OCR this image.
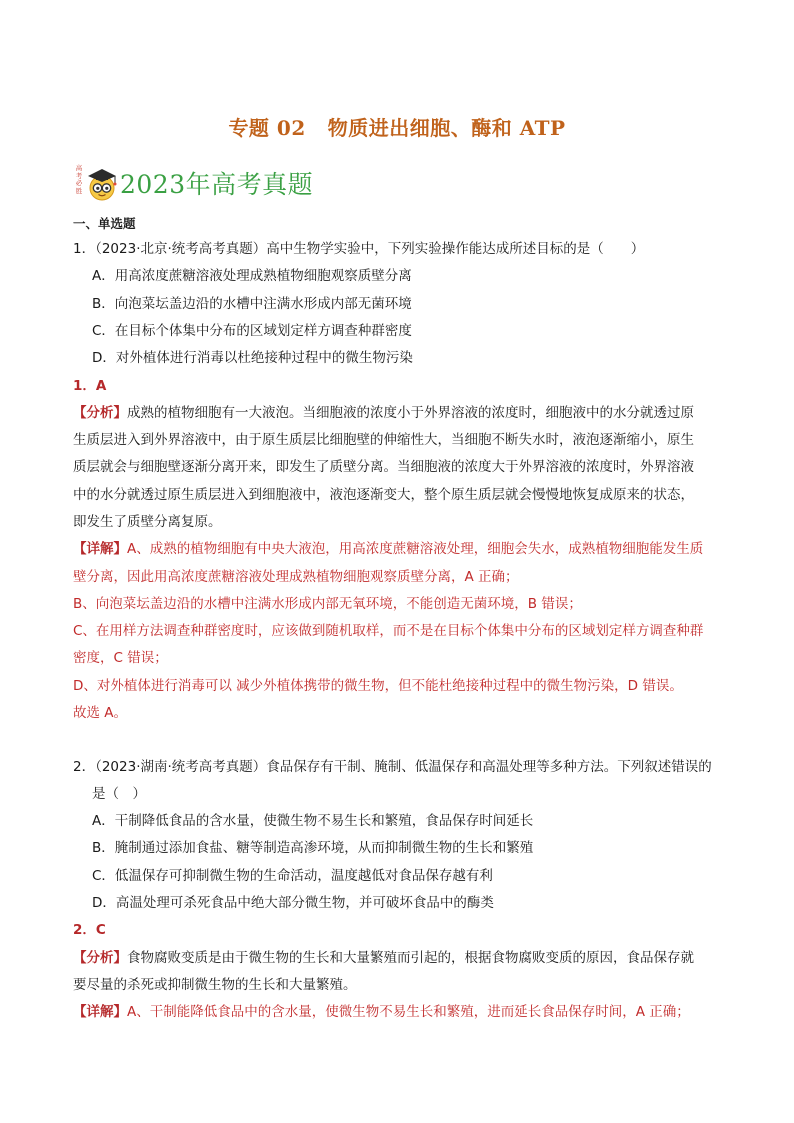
专题 02 物质进出细胞、酶和 ATP
高考必胜 2023年高考真题
一、单选题
1．（2023·北京·统考高考真题）高中生物学实验中，下列实验操作能达成所述目标的是（　　）
A．用高浓度蔗糖溶液处理成熟植物细胞观察质壁分离
B．向泡菜坛盖边沿的水槽中注满水形成内部无菌环境
C．在目标个体集中分布的区域划定样方调查种群密度
D．对外植体进行消毒以杜绝接种过程中的微生物污染
1．A
【分析】成熟的植物细胞有一大液泡。当细胞液的浓度小于外界溶液的浓度时，细胞液中的水分就透过原
生质层进入到外界溶液中，由于原生质层比细胞壁的伸缩性大，当细胞不断失水时，液泡逐渐缩小，原生
质层就会与细胞壁逐渐分离开来，即发生了质壁分离。当细胞液的浓度大于外界溶液的浓度时，外界溶液
中的水分就透过原生质层进入到细胞液中，液泡逐渐变大，整个原生质层就会慢慢地恢复成原来的状态，
即发生了质壁分离复原。
【详解】A、成熟的植物细胞有中央大液泡，用高浓度蔗糖溶液处理，细胞会失水，成熟植物细胞能发生质
壁分离，因此用高浓度蔗糖溶液处理成熟植物细胞观察质壁分离，A 正确；
B、向泡菜坛盖边沿的水槽中注满水形成内部无氧环境，不能创造无菌环境，B 错误；
C、在用样方法调查种群密度时，应该做到随机取样，而不是在目标个体集中分布的区域划定样方调查种群
密度，C 错误；
D、对外植体进行消毒可以 减少外植体携带的微生物，但不能杜绝接种过程中的微生物污染，D 错误。
故选 A。
2．（2023·湖南·统考高考真题）食品保存有干制、腌制、低温保存和高温处理等多种方法。下列叙述错误的
是（　）
A．干制降低食品的含水量，使微生物不易生长和繁殖，食品保存时间延长
B．腌制通过添加食盐、糖等制造高渗环境，从而抑制微生物的生长和繁殖
C．低温保存可抑制微生物的生命活动，温度越低对食品保存越有利
D．高温处理可杀死食品中绝大部分微生物，并可破坏食品中的酶类
2．C
【分析】食物腐败变质是由于微生物的生长和大量繁殖而引起的，根据食物腐败变质的原因，食品保存就
要尽量的杀死或抑制微生物的生长和大量繁殖。
【详解】A、干制能降低食品中的含水量，使微生物不易生长和繁殖，进而延长食品保存时间，A 正确；
